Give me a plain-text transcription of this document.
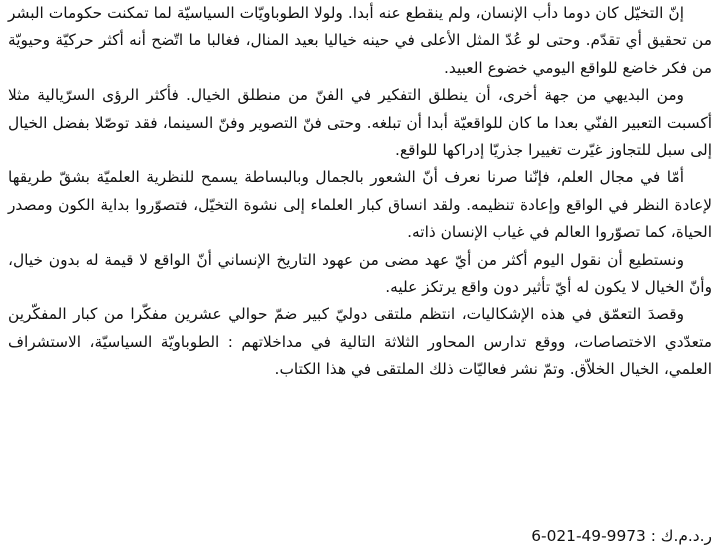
إنّ التخيّل كان دوما دأب الإنسان، ولم ينقطع عنه أبدا. ولولا الطوباويّات السياسيّة لما تمكنت حكومات البشر من تحقيق أي تقدّم. وحتى لو عُدّ المثل الأعلى في حينه خياليا بعيد المنال، فغالبا ما اتّضح أنه أكثر حركيّة وحيويّة من فكر خاضع للواقع اليومي خضوع العبيد.

ومن البديهي من جهة أخرى، أن ينطلق التفكير في الفنّ من منطلق الخيال. فأكثر الرؤى السرّيالية مثلا أكسبت التعبير الفنّي بعدا ما كان للواقعيّة أبدا أن تبلغه. وحتى فنّ التصوير وفنّ السينما، فقد توصّلا بفضل الخيال إلى سبل للتجاوز غيّرت تغييرا جذريّا إدراكها للواقع.

أمّا في مجال العلم، فإنّنا صرنا نعرف أنّ الشعور بالجمال وبالبساطة يسمح للنظرية العلميّة بشقّ طريقها لإعادة النظر في الواقع وإعادة تنظيمه. ولقد انساق كبار العلماء إلى نشوة التخيّل، فتصوّروا بداية الكون ومصدر الحياة، كما تصوّروا العالم في غياب الإنسان ذاته.

ونستطيع أن نقول اليوم أكثر من أيّ عهد مضى من عهود التاريخ الإنساني أنّ الواقع لا قيمة له بدون خيال، وأنّ الخيال لا يكون له أيّ تأثير دون واقع يرتكز عليه.

وقصدَ التعمّق في هذه الإشكاليات، انتظم ملتقى دوليّ كبير ضمّ حوالي عشرين مفكّرا من كبار المفكّرين متعدّدي الاختصاصات، ووقع تدارس المحاور الثلاثة التالية في مداخلاتهم : الطوباويّة السياسيّة، الاستشراف العلمي، الخيال الخلاّق. وتمّ نشر فعاليّات ذلك الملتقى في هذا الكتاب.

ر.د.م.ك : 6-021-49-9973
